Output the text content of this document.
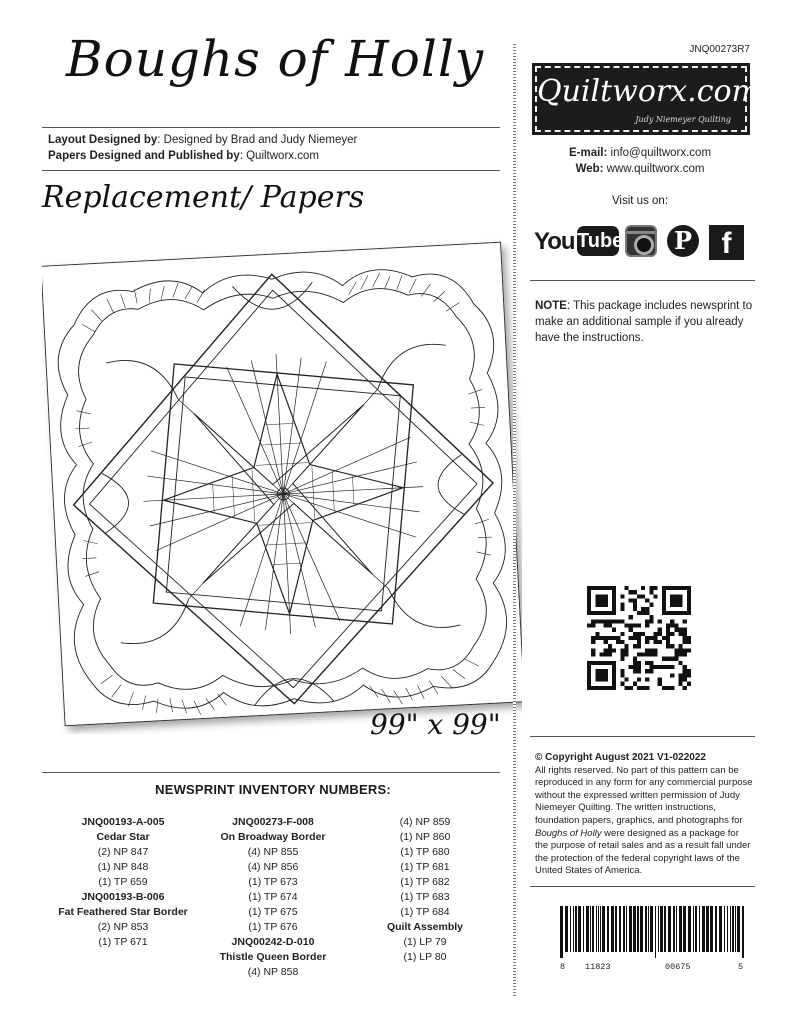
Boughs of Holly
Layout Designed by: Designed by Brad and Judy Niemeyer
Papers Designed and Published by: Quiltworx.com
Replacement/ Papers
99" x 99"
NEWSPRINT INVENTORY NUMBERS:
JNQ00193-A-005
Cedar Star
(2) NP 847
(1) NP 848
(1) TP 659
JNQ00193-B-006
Fat Feathered Star Border
(2) NP 853
(1) TP 671
JNQ00273-F-008
On Broadway Border
(4) NP 855
(4) NP 856
(1) TP 673
(1) TP 674
(1) TP 675
(1) TP 676
JNQ00242-D-010
Thistle Queen Border
(4) NP 858
(4) NP 859
(1) NP 860
(1) TP 680
(1) TP 681
(1) TP 682
(1) TP 683
(1) TP 684
Quilt Assembly
(1) LP 79
(1) LP 80
JNQ00273R7
Quiltworx.com
Judy Niemeyer Quilting
E-mail: info@quiltworx.com
Web: www.quiltworx.com
Visit us on:
You Tube P f
NOTE: This package includes newsprint to make an additional sample if you already have the instructions.
© Copyright August 2021 V1-022022
All rights reserved. No part of this pattern can be reproduced in any form for any commercial purpose without the expressed written permission of Judy Niemeyer Quilting. The written instructions, foundation papers, graphics, and photographs for Boughs of Holly were designed as a package for the purpose of retail sales and as a result fall under the protection of the federal copyright laws of the United States of America.
8 11823	00675	5
